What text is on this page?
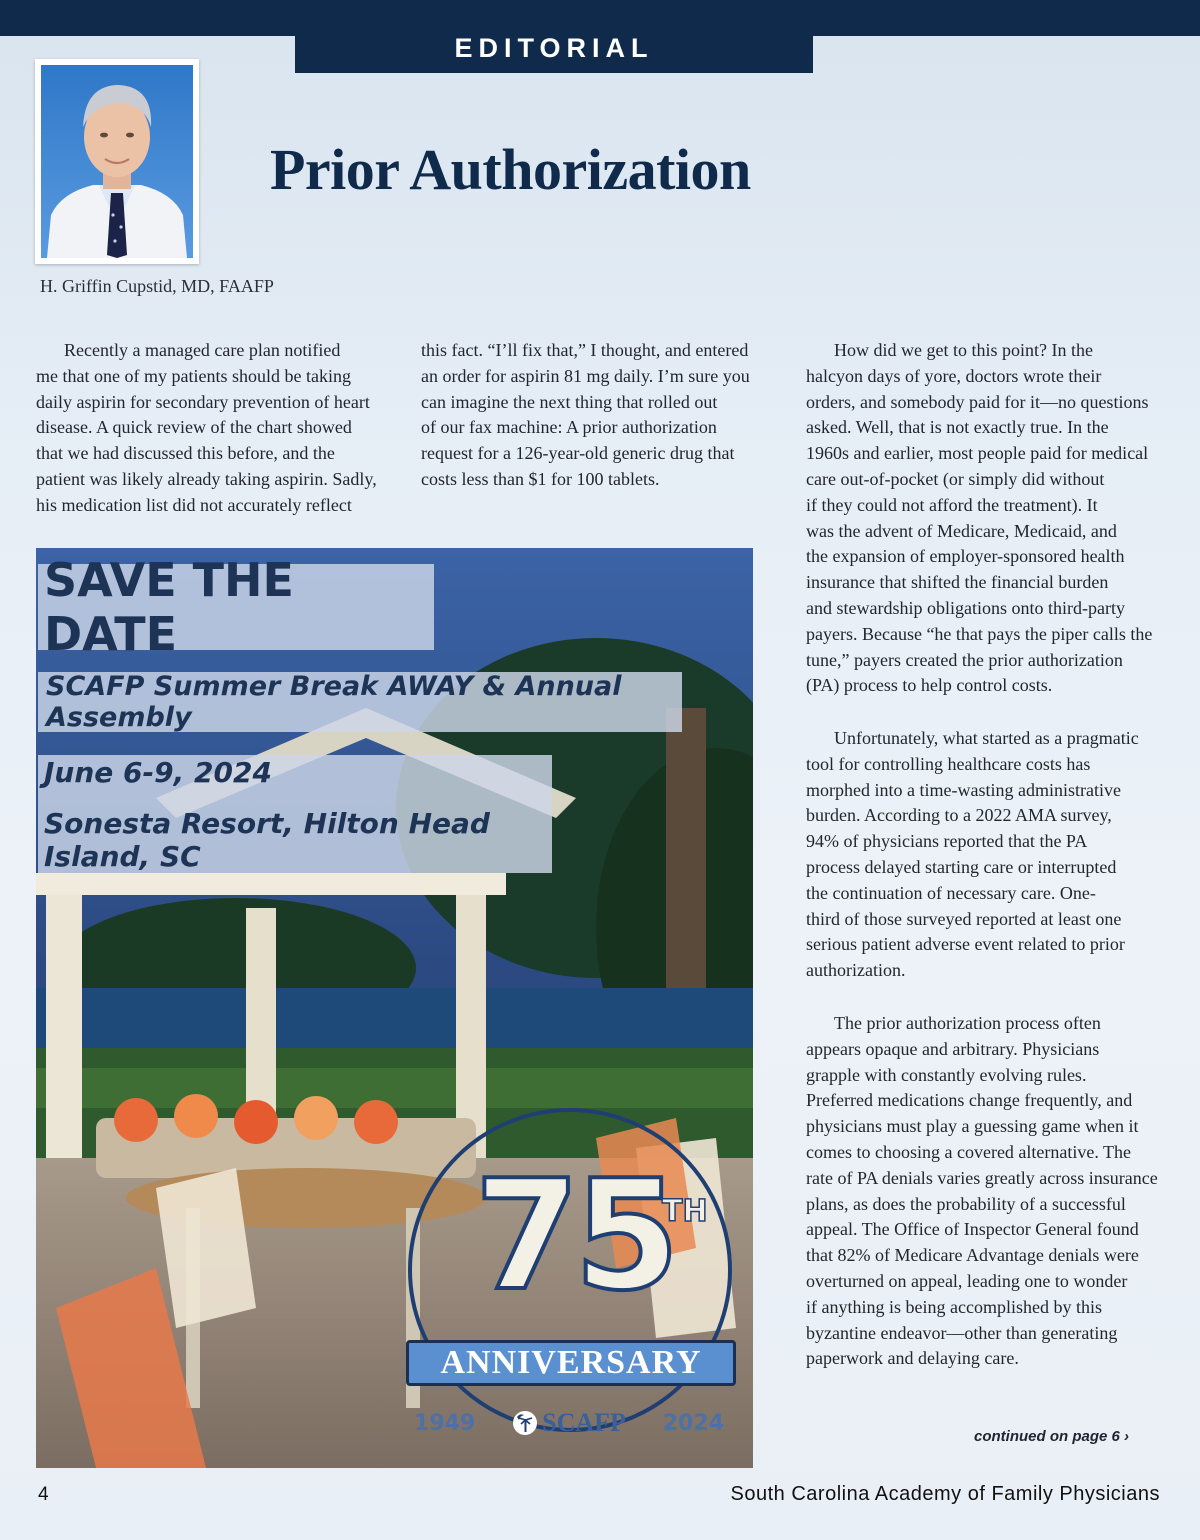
EDITORIAL
Prior Authorization
H. Griffin Cupstid, MD, FAAFP
Recently a managed care plan notified
me that one of my patients should be taking
daily aspirin for secondary prevention of heart
disease. A quick review of the chart showed
that we had discussed this before, and the
patient was likely already taking aspirin. Sadly,
his medication list did not accurately reflect
this fact. “I’ll fix that,” I thought, and entered
an order for aspirin 81 mg daily. I’m sure you
can imagine the next thing that rolled out
of our fax machine: A prior authorization
request for a 126-year-old generic drug that
costs less than $1 for 100 tablets.
How did we get to this point? In the
halcyon days of yore, doctors wrote their
orders, and somebody paid for it—no questions
asked. Well, that is not exactly true. In the
1960s and earlier, most people paid for medical
care out-of-pocket (or simply did without
if they could not afford the treatment). It
was the advent of Medicare, Medicaid, and
the expansion of employer-sponsored health
insurance that shifted the financial burden
and stewardship obligations onto third-party
payers. Because “he that pays the piper calls the
tune,” payers created the prior authorization
(PA) process to help control costs.
Unfortunately, what started as a pragmatic
tool for controlling healthcare costs has
morphed into a time-wasting administrative
burden. According to a 2022 AMA survey,
94% of physicians reported that the PA
process delayed starting care or interrupted
the continuation of necessary care. One-
third of those surveyed reported at least one
serious patient adverse event related to prior
authorization.
The prior authorization process often
appears opaque and arbitrary. Physicians
grapple with constantly evolving rules.
Preferred medications change frequently, and
physicians must play a guessing game when it
comes to choosing a covered alternative. The
rate of PA denials varies greatly across insurance
plans, as does the probability of a successful
appeal. The Office of Inspector General found
that 82% of Medicare Advantage denials were
overturned on appeal, leading one to wonder
if anything is being accomplished by this
byzantine endeavor—other than generating
paperwork and delaying care.
SAVE THE DATE
SCAFP Summer Break AWAY & Annual Assembly
June 6-9, 2024
Sonesta Resort, Hilton Head Island, SC
75
TH
ANNIVERSARY
1949	SCAFP 2024
continued on page 6 ›
4	South Carolina Academy of Family Physicians
